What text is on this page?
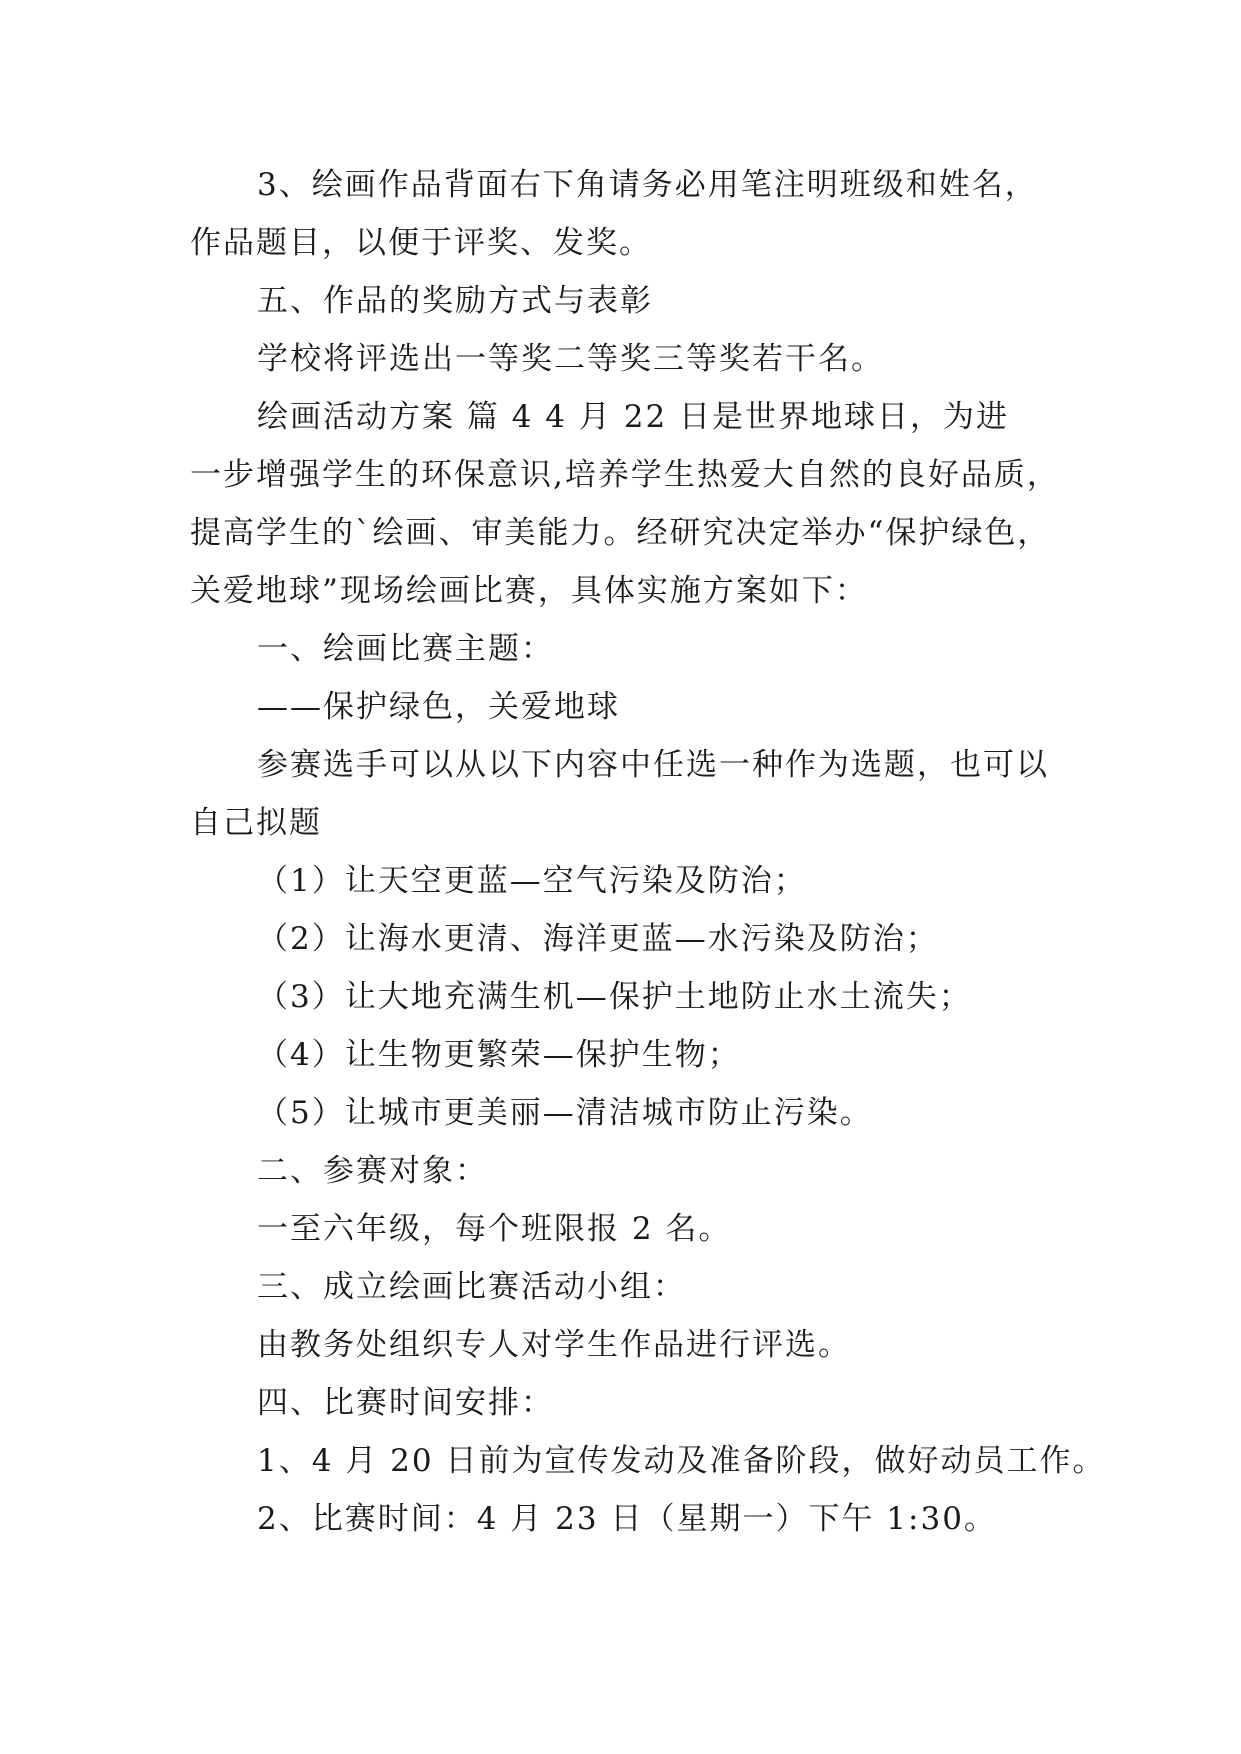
3、绘画作品背面右下角请务必用笔注明班级和姓名，
作品题目，以便于评奖、发奖。
五、作品的奖励方式与表彰
学校将评选出一等奖二等奖三等奖若干名。
绘画活动方案 篇 4 4 月 22 日是世界地球日，为进
一步增强学生的环保意识,培养学生热爱大自然的良好品质，
提高学生的`绘画、审美能力。经研究决定举办“保护绿色，
关爱地球”现场绘画比赛，具体实施方案如下：
一、绘画比赛主题：
——保护绿色，关爱地球
参赛选手可以从以下内容中任选一种作为选题，也可以
自己拟题
（1）让天空更蓝—空气污染及防治；
（2）让海水更清、海洋更蓝—水污染及防治；
（3）让大地充满生机—保护土地防止水土流失；
（4）让生物更繁荣—保护生物；
（5）让城市更美丽—清洁城市防止污染。
二、参赛对象：
一至六年级，每个班限报 2 名。
三、成立绘画比赛活动小组：
由教务处组织专人对学生作品进行评选。
四、比赛时间安排：
1、4 月 20 日前为宣传发动及准备阶段，做好动员工作。
2、比赛时间：4 月 23 日（星期一）下午 1:30。
